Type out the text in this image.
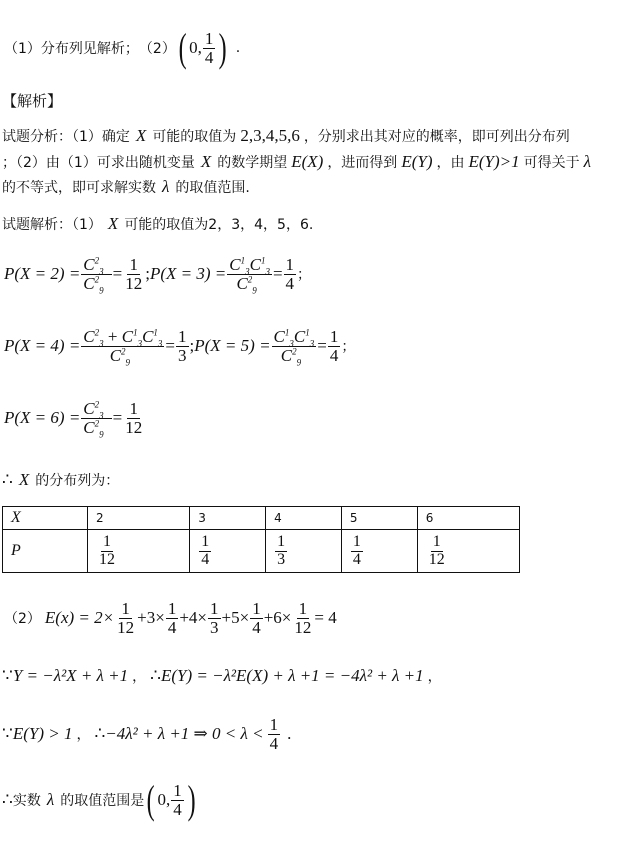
（1）分布列见解析； （2） ( 0, $\frac{1}{4}$ ) .
【解析】
试题分析：（1）确定 X 可能的取值为 2,3,4,5,6 ，分别求出其对应的概率，即可列出分布列
；（2）由（1）可求出随机变量 X 的数学期望 E(X) ，进而得到 E(Y) ，由 E(Y)>1 可得关于 λ
的不等式，即可求解实数 λ 的取值范围.
试题解析：（1） X 可能的取值为2，3，4，5，6.
$P(X = 2) = \frac{C^2_3}{C^2_9} = \frac{1}{12}$ ; $P(X = 3) = \frac{C^1_3C^1_3}{C^2_9} = \frac{1}{4}$ ；
$P(X = 4) = \frac{C^2_3 + C^1_3C^1_3}{C^2_9} = \frac{1}{3}$ ; $P(X = 5) = \frac{C^1_3C^1_3}{C^2_9} = \frac{1}{4}$ ；
$P(X = 6) = \frac{C^2_3}{C^2_9} = \frac{1}{12}$
∴ X 的分布列为：
X	2	3	4	5	6
P	$\frac{1}{12}$	$\frac{1}{4}$	$\frac{1}{3}$	$\frac{1}{4}$	$\frac{1}{12}$
（2） $E(x) = 2\times \frac{1}{12} +3\times \frac{1}{4} +4\times \frac{1}{3} +5\times \frac{1}{4} +6\times \frac{1}{12} = 4$
∵ Y = −λ²X + λ +1 ， ∴ E(Y) = −λ²E(X) + λ +1 = −4λ² + λ +1 ，
∵ E(Y) > 1 ， ∴ −4λ² + λ +1 ⇒ $0 < \lambda < \frac{1}{4}$ .
∴ 实数 λ 的取值范围是 ( 0, $\frac{1}{4}$ )
